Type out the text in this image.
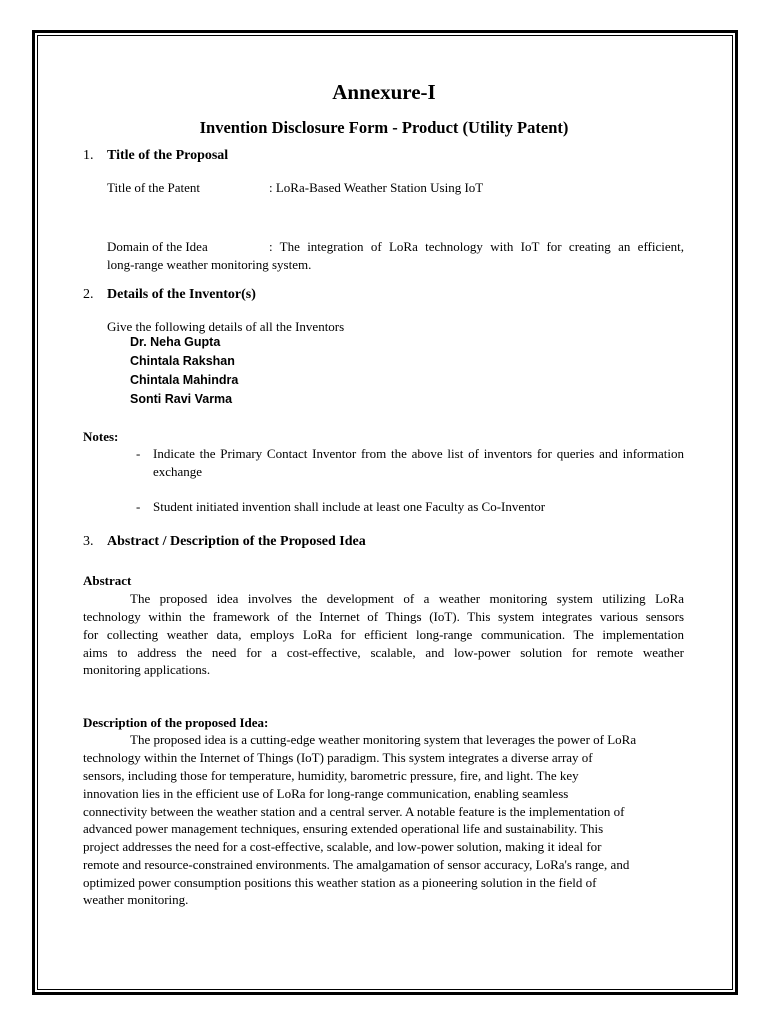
Annexure-I
Invention Disclosure Form - Product (Utility Patent)
1. Title of the Proposal
Title of the Patent	: LoRa-Based Weather Station Using IoT
Domain of the Idea	: The integration of LoRa technology with IoT for creating an efficient,
long-range weather monitoring system.
2. Details of the Inventor(s)
Give the following details of all the Inventors
Dr. Neha Gupta
Chintala Rakshan
Chintala Mahindra
Sonti Ravi Varma
Notes:
- Indicate the Primary Contact Inventor from the above list of inventors for queries and information exchange
- Student initiated invention shall include at least one Faculty as Co-Inventor
3. Abstract / Description of the Proposed Idea
Abstract
The proposed idea involves the development of a weather monitoring system utilizing LoRa
technology within the framework of the Internet of Things (IoT). This system integrates various sensors
for collecting weather data, employs LoRa for efficient long-range communication. The implementation
aims to address the need for a cost-effective, scalable, and low-power solution for remote weather
monitoring applications.
Description of the proposed Idea:
The proposed idea is a cutting-edge weather monitoring system that leverages the power of LoRa
technology within the Internet of Things (IoT) paradigm. This system integrates a diverse array of
sensors, including those for temperature, humidity, barometric pressure, fire, and light. The key
innovation lies in the efficient use of LoRa for long-range communication, enabling seamless
connectivity between the weather station and a central server. A notable feature is the implementation of
advanced power management techniques, ensuring extended operational life and sustainability. This
project addresses the need for a cost-effective, scalable, and low-power solution, making it ideal for
remote and resource-constrained environments. The amalgamation of sensor accuracy, LoRa's range, and
optimized power consumption positions this weather station as a pioneering solution in the field of
weather monitoring.
